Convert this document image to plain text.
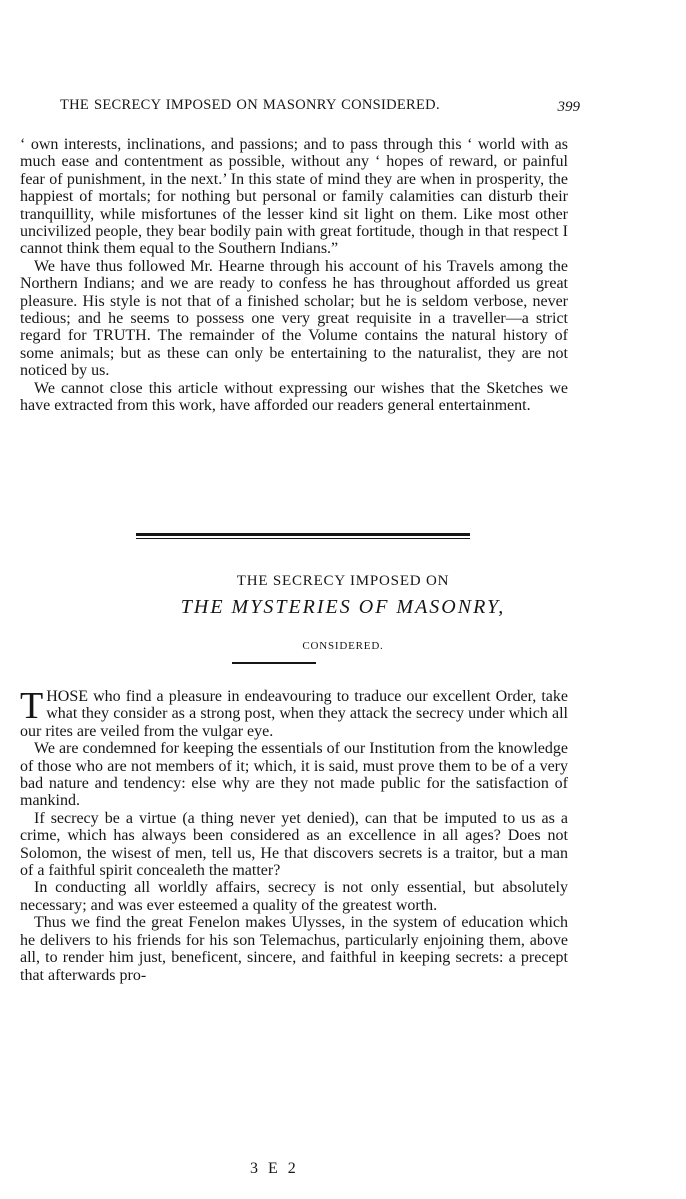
THE SECRECY IMPOSED ON MASONRY CONSIDERED.	399

‘ own interests, inclinations, and passions; and to pass through this ‘ world with as much ease and contentment as possible, without any ‘ hopes of reward, or painful fear of punishment, in the next.’ In this state of mind they are when in prosperity, the happiest of mortals; for nothing but personal or family calamities can disturb their tranquillity, while misfortunes of the lesser kind sit light on them. Like most other uncivilized people, they bear bodily pain with great fortitude, though in that respect I cannot think them equal to the Southern Indians.”

We have thus followed Mr. Hearne through his account of his Travels among the Northern Indians; and we are ready to confess he has throughout afforded us great pleasure. His style is not that of a finished scholar; but he is seldom verbose, never tedious; and he seems to possess one very great requisite in a traveller—a strict regard for TRUTH. The remainder of the Volume contains the natural history of some animals; but as these can only be entertaining to the naturalist, they are not noticed by us.

We cannot close this article without expressing our wishes that the Sketches we have extracted from this work, have afforded our readers general entertainment.

THE SECRECY IMPOSED ON
THE MYSTERIES OF MASONRY,
CONSIDERED.

THOSE who find a pleasure in endeavouring to traduce our excellent Order, take what they consider as a strong post, when they attack the secrecy under which all our rites are veiled from the vulgar eye.

We are condemned for keeping the essentials of our Institution from the knowledge of those who are not members of it; which, it is said, must prove them to be of a very bad nature and tendency: else why are they not made public for the satisfaction of mankind.

If secrecy be a virtue (a thing never yet denied), can that be imputed to us as a crime, which has always been considered as an excellence in all ages? Does not Solomon, the wisest of men, tell us, He that discovers secrets is a traitor, but a man of a faithful spirit concealeth the matter?

In conducting all worldly affairs, secrecy is not only essential, but absolutely necessary; and was ever esteemed a quality of the greatest worth.

Thus we find the great Fenelon makes Ulysses, in the system of education which he delivers to his friends for his son Telemachus, particularly enjoining them, above all, to render him just, beneficent, sincere, and faithful in keeping secrets: a precept that afterwards pro-

3 E 2
